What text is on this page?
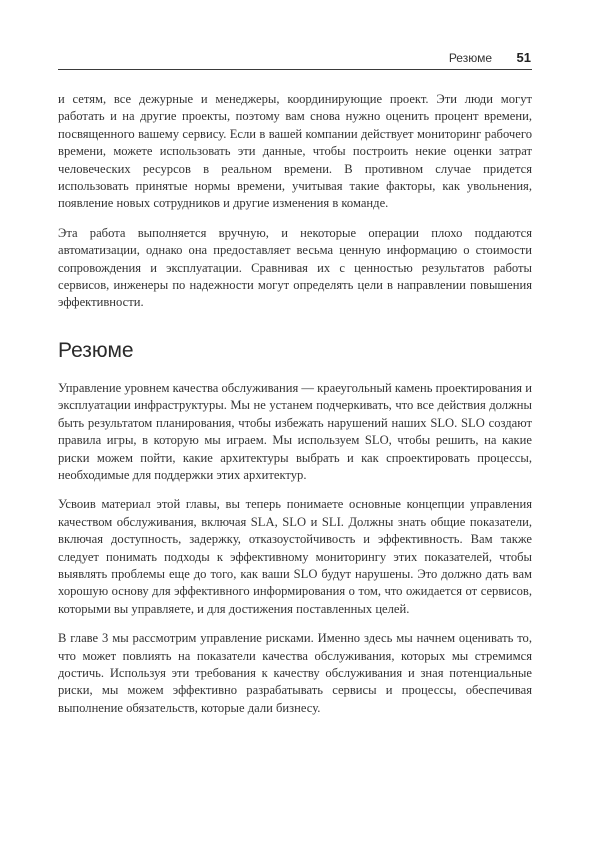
Резюме 51

и сетям, все дежурные и менеджеры, координирующие проект. Эти люди могут работать и на другие проекты, поэтому вам снова нужно оценить процент времени, посвященного вашему сервису. Если в вашей компании действует мониторинг рабочего времени, можете использовать эти данные, чтобы построить некие оценки затрат человеческих ресурсов в реальном времени. В противном случае придется использовать принятые нормы времени, учитывая такие факторы, как увольнения, появление новых сотрудников и другие изменения в команде.

Эта работа выполняется вручную, и некоторые операции плохо поддаются автоматизации, однако она предоставляет весьма ценную информацию о стоимости сопровождения и эксплуатации. Сравнивая их с ценностью результатов работы сервисов, инженеры по надежности могут определять цели в направлении повышения эффективности.

Резюме

Управление уровнем качества обслуживания — краеугольный камень проектирования и эксплуатации инфраструктуры. Мы не устанем подчеркивать, что все действия должны быть результатом планирования, чтобы избежать нарушений наших SLO. SLO создают правила игры, в которую мы играем. Мы используем SLO, чтобы решить, на какие риски можем пойти, какие архитектуры выбрать и как спроектировать процессы, необходимые для поддержки этих архитектур.

Усвоив материал этой главы, вы теперь понимаете основные концепции управления качеством обслуживания, включая SLA, SLO и SLI. Должны знать общие показатели, включая доступность, задержку, отказоустойчивость и эффективность. Вам также следует понимать подходы к эффективному мониторингу этих показателей, чтобы выявлять проблемы еще до того, как ваши SLO будут нарушены. Это должно дать вам хорошую основу для эффективного информирования о том, что ожидается от сервисов, которыми вы управляете, и для достижения поставленных целей.

В главе 3 мы рассмотрим управление рисками. Именно здесь мы начнем оценивать то, что может повлиять на показатели качества обслуживания, которых мы стремимся достичь. Используя эти требования к качеству обслуживания и зная потенциальные риски, мы можем эффективно разрабатывать сервисы и процессы, обеспечивая выполнение обязательств, которые дали бизнесу.
